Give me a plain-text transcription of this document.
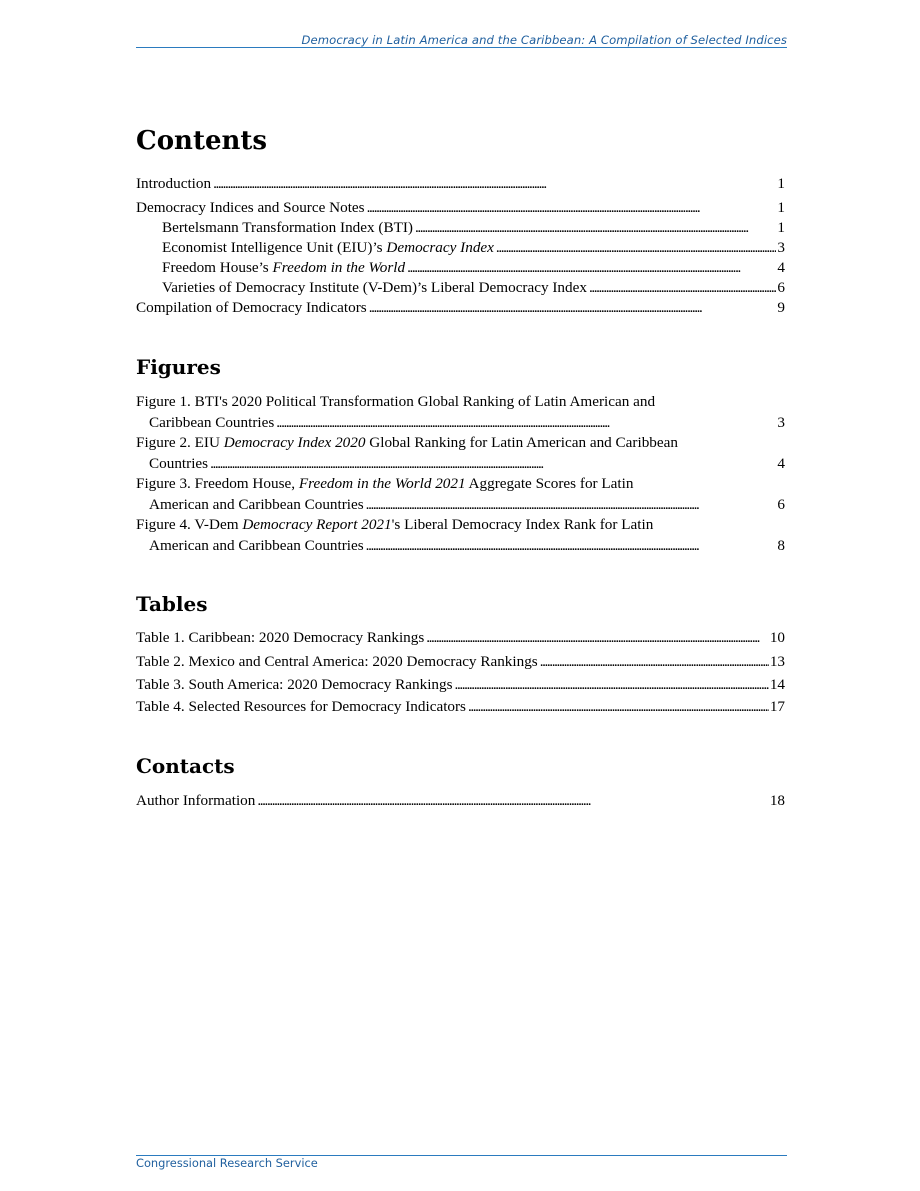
Democracy in Latin America and the Caribbean: A Compilation of Selected Indices
Contents
Introduction . . .	1
Democracy Indices and Source Notes . . .	1
Bertelsmann Transformation Index (BTI) . . .	1
Economist Intelligence Unit (EIU)’s Democracy Index . . .	3
Freedom House’s Freedom in the World . . .	4
Varieties of Democracy Institute (V-Dem)’s Liberal Democracy Index . . .	6
Compilation of Democracy Indicators . . .	9
Figures
Figure 1. BTI's 2020 Political Transformation Global Ranking of Latin American and
Caribbean Countries . . .	3
Figure 2. EIU Democracy Index 2020 Global Ranking for Latin American and Caribbean
Countries . . .	4
Figure 3. Freedom House, Freedom in the World 2021 Aggregate Scores for Latin
American and Caribbean Countries . . .	6
Figure 4. V-Dem Democracy Report 2021's Liberal Democracy Index Rank for Latin
American and Caribbean Countries . . .	8
Tables
Table 1. Caribbean: 2020 Democracy Rankings . . .	10
Table 2. Mexico and Central America: 2020 Democracy Rankings . . .	13
Table 3. South America: 2020 Democracy Rankings . . .	14
Table 4. Selected Resources for Democracy Indicators . . .	17
Contacts
Author Information . . .	18
Congressional Research Service
